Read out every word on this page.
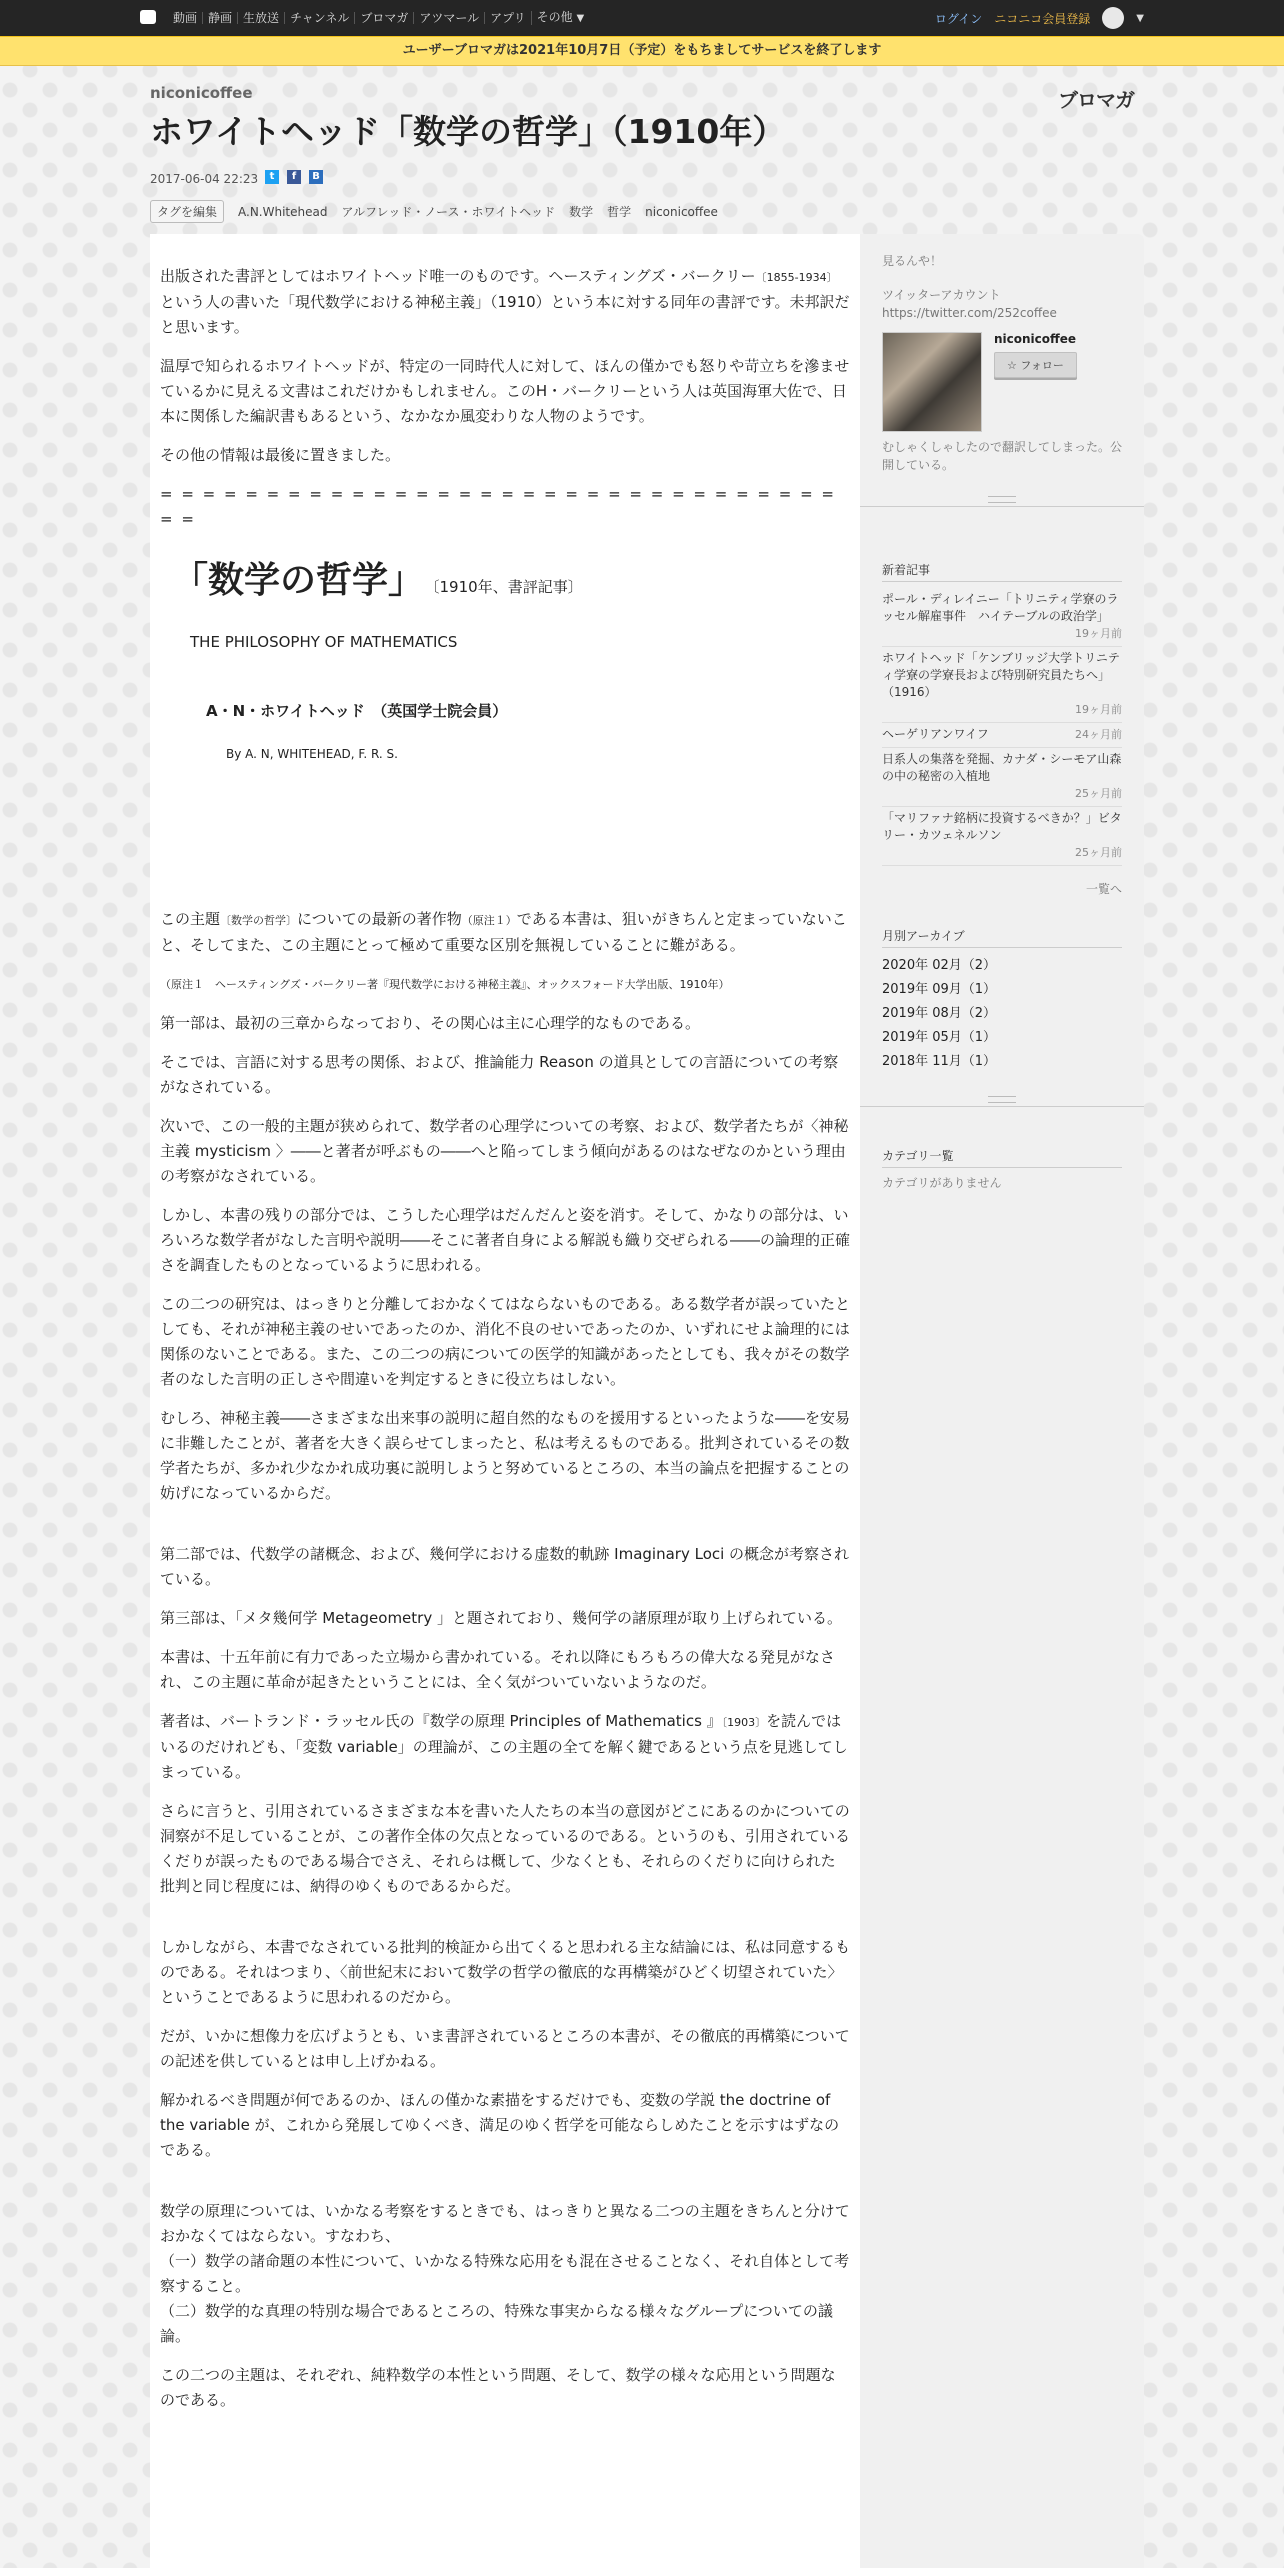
動画 静画 生放送 チャンネル ブロマガ アツマール アプリ その他 ▼	ログイン ニコニコ会員登録	▼
ユーザーブロマガは2021年10月7日（予定）をもちましてサービスを終了します
niconicoffee	ブロマガ
ホワイトヘッド「数学の哲学」（1910年）
2017-06-04 22:23	t	f	B
タグを編集	A.N.Whitehead アルフレッド・ノース・ホワイトヘッド 数学 哲学 niconicoffee

出版された書評としてはホワイトヘッド唯一のものです。ヘースティングズ・バークリー〔1855-1934〕という人の書いた「現代数学における神秘主義」（1910）という本に対する同年の書評です。未邦訳だと思います。

温厚で知られるホワイトヘッドが、特定の一同時代人に対して、ほんの僅かでも怒りや苛立ちを滲ませているかに見える文書はこれだけかもしれません。このH・バークリーという人は英国海軍大佐で、日本に関係した編訳書もあるという、なかなか風変わりな人物のようです。

その他の情報は最後に置きました。

= = = = = = = = = = = = = = = = = = = = = = = = = = = = = = = = = =

「数学の哲学」 〔1910年、書評記事〕
THE PHILOSOPHY OF MATHEMATICS
A・N・ホワイトヘッド　（英国学士院会員）
By A. N, WHITEHEAD, F. R. S.

この主題〔数学の哲学〕についての最新の著作物（原注１）である本書は、狙いがきちんと定まっていないこと、そしてまた、この主題にとって極めて重要な区別を無視していることに難がある。

（原注１　ヘースティングズ・バークリー著『現代数学における神秘主義』、オックスフォード大学出版、1910年）

第一部は、最初の三章からなっており、その関心は主に心理学的なものである。

そこでは、言語に対する思考の関係、および、推論能力 Reason の道具としての言語についての考察がなされている。

次いで、この一般的主題が狭められて、数学者の心理学についての考察、および、数学者たちが〈神秘主義 mysticism 〉――と著者が呼ぶもの――へと陥ってしまう傾向があるのはなぜなのかという理由の考察がなされている。

しかし、本書の残りの部分では、こうした心理学はだんだんと姿を消す。そして、かなりの部分は、いろいろな数学者がなした言明や説明――そこに著者自身による解説も織り交ぜられる――の論理的正確さを調査したものとなっているように思われる。

この二つの研究は、はっきりと分離しておかなくてはならないものである。ある数学者が誤っていたとしても、それが神秘主義のせいであったのか、消化不良のせいであったのか、いずれにせよ論理的には関係のないことである。また、この二つの病についての医学的知識があったとしても、我々がその数学者のなした言明の正しさや間違いを判定するときに役立ちはしない。

むしろ、神秘主義――さまざまな出来事の説明に超自然的なものを援用するといったような――を安易に非難したことが、著者を大きく誤らせてしまったと、私は考えるものである。批判されているその数学者たちが、多かれ少なかれ成功裏に説明しようと努めているところの、本当の論点を把握することの妨げになっているからだ。

第二部では、代数学の諸概念、および、幾何学における虚数的軌跡 Imaginary Loci の概念が考察されている。

第三部は、「メタ幾何学 Metageometry 」と題されており、幾何学の諸原理が取り上げられている。

本書は、十五年前に有力であった立場から書かれている。それ以降にもろもろの偉大なる発見がなされ、この主題に革命が起きたということには、全く気がついていないようなのだ。

著者は、バートランド・ラッセル氏の『数学の原理 Principles of Mathematics 』〔1903〕を読んではいるのだけれども、「変数 variable」の理論が、この主題の全てを解く鍵であるという点を見逃してしまっている。

さらに言うと、引用されているさまざまな本を書いた人たちの本当の意図がどこにあるのかについての洞察が不足していることが、この著作全体の欠点となっているのである。というのも、引用されているくだりが誤ったものである場合でさえ、それらは概して、少なくとも、それらのくだりに向けられた批判と同じ程度には、納得のゆくものであるからだ。

しかしながら、本書でなされている批判的検証から出てくると思われる主な結論には、私は同意するものである。それはつまり、〈前世紀末において数学の哲学の徹底的な再構築がひどく切望されていた〉ということであるように思われるのだから。

だが、いかに想像力を広げようとも、いま書評されているところの本書が、その徹底的再構築についての記述を供しているとは申し上げかねる。

解かれるべき問題が何であるのか、ほんの僅かな素描をするだけでも、変数の学説 the doctrine of the variable が、これから発展してゆくべき、満足のゆく哲学を可能ならしめたことを示すはずなのである。

数学の原理については、いかなる考察をするときでも、はっきりと異なる二つの主題をきちんと分けておかなくてはならない。すなわち、
（一）数学の諸命題の本性について、いかなる特殊な応用をも混在させることなく、それ自体として考察すること。
（二）数学的な真理の特別な場合であるところの、特殊な事実からなる様々なグループについての議論。

この二つの主題は、それぞれ、純粋数学の本性という問題、そして、数学の様々な応用という問題なのである。

見るんや！
ツイッターアカウント https://twitter.com/252coffee
niconicoffee
☆ フォロー
むしゃくしゃしたので翻訳してしまった。公開している。
新着記事
ポール・ディレイニー「トリニティ学寮のラッセル解雇事件　ハイテーブルの政治学」
19ヶ月前
ホワイトヘッド「ケンブリッジ大学トリニティ学寮の学寮長および特別研究員たちへ」（1916）
19ヶ月前
ヘーゲリアンワイフ	24ヶ月前
日系人の集落を発掘、カナダ・シーモア山森の中の秘密の入植地
25ヶ月前
「マリファナ銘柄に投資するべきか？」ビタリー・カツェネルソン
25ヶ月前
一覧へ
月別アーカイブ
2020年 02月（2）
2019年 09月（1）
2019年 08月（2）
2019年 05月（1）
2018年 11月（1）
カテゴリ一覧
カテゴリがありません
